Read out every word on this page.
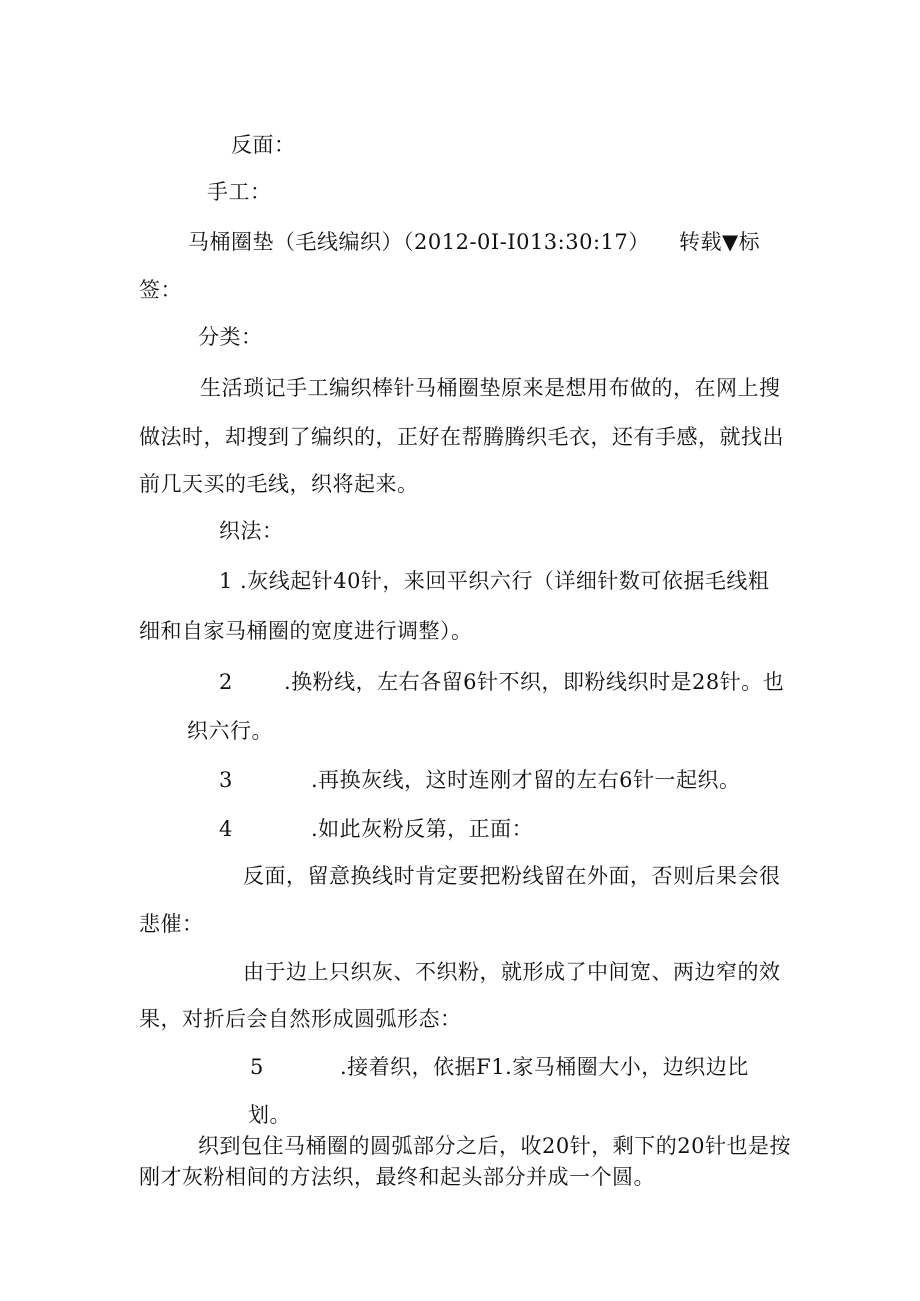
反面：
手工：
马桶圈垫（毛线编织）（2012-0I-I013:30:17） 转载▼标
签：
分类：
生活琐记手工编织棒针马桶圈垫原来是想用布做的，在网上搜
做法时，却搜到了编织的，正好在帮腾腾织毛衣，还有手感，就找出
前几天买的毛线，织将起来。
织法：
1 .灰线起针40针，来回平织六行（详细针数可依据毛线粗
细和自家马桶圈的宽度进行调整）。
2 .换粉线，左右各留6针不织，即粉线织时是28针。也
织六行。
3	.再换灰线，这时连刚才留的左右6针一起织。
4	.如此灰粉反第，正面：
反面，留意换线时肯定要把粉线留在外面，否则后果会很
悲催：
由于边上只织灰、不织粉，就形成了中间宽、两边窄的效
果，对折后会自然形成圆弧形态：
5	.接着织，依据F1.家马桶圈大小，边织边比
划。
织到包住马桶圈的圆弧部分之后，收20针，剩下的20针也是按
刚才灰粉相间的方法织，最终和起头部分并成一个圆。
